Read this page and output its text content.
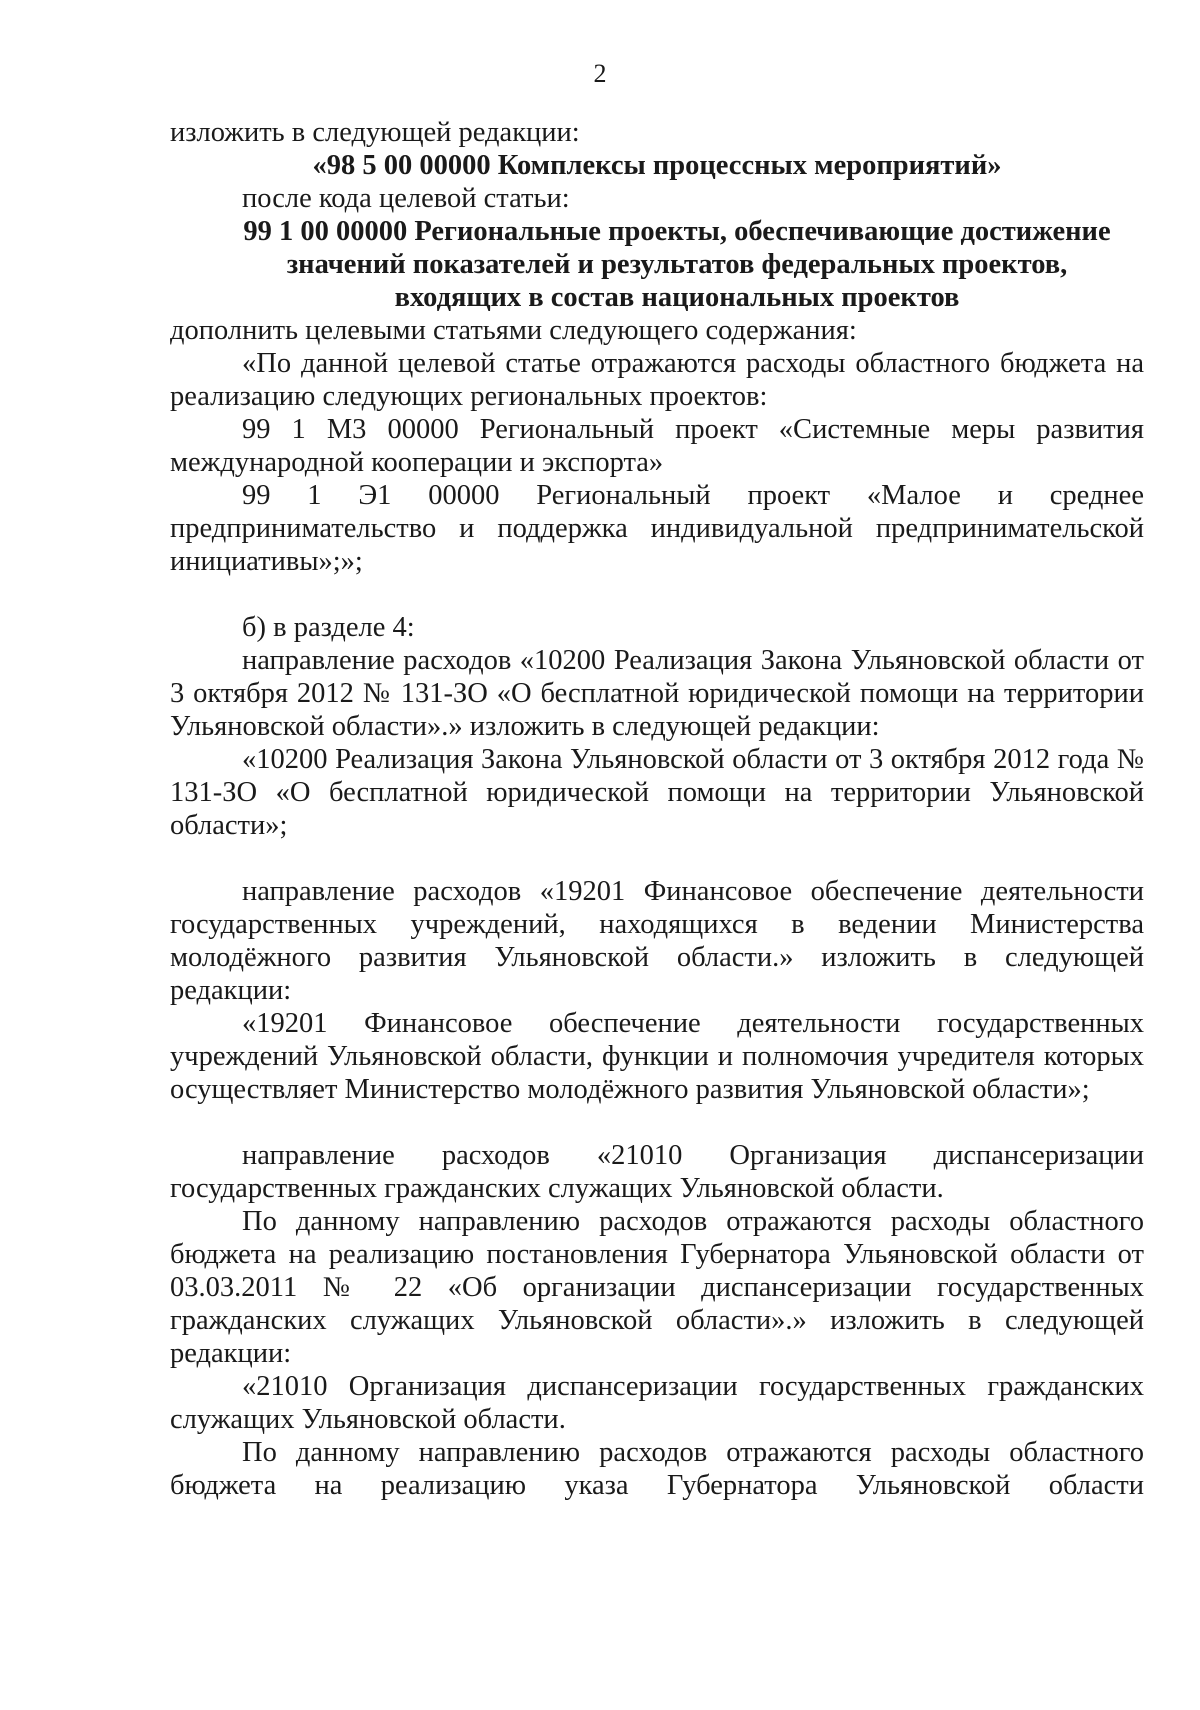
2

изложить в следующей редакции:

«98 5 00 00000 Комплексы процессных мероприятий»

после кода целевой статьи:

99 1 00 00000 Региональные проекты, обеспечивающие достижение значений показателей и результатов федеральных проектов, входящих в состав национальных проектов

дополнить целевыми статьями следующего содержания:

«По данной целевой статье отражаются расходы областного бюджета на реализацию следующих региональных проектов:

99 1 М3 00000 Региональный проект «Системные меры развития международной кооперации и экспорта»

99 1 Э1 00000 Региональный проект «Малое и среднее предпринимательство и поддержка индивидуальной предпринимательской инициативы»;»;

б) в разделе 4:

направление расходов «10200 Реализация Закона Ульяновской области от 3 октября 2012 № 131-ЗО «О бесплатной юридической помощи на территории Ульяновской области».» изложить в следующей редакции:

«10200 Реализация Закона Ульяновской области от 3 октября 2012 года № 131-ЗО «О бесплатной юридической помощи на территории Ульяновской области»;

направление расходов «19201 Финансовое обеспечение деятельности государственных учреждений, находящихся в ведении Министерства молодёжного развития Ульяновской области.» изложить в следующей редакции:

«19201 Финансовое обеспечение деятельности государственных учреждений Ульяновской области, функции и полномочия учредителя которых осуществляет Министерство молодёжного развития Ульяновской области»;

направление расходов «21010 Организация диспансеризации государственных гражданских служащих Ульяновской области.

По данному направлению расходов отражаются расходы областного бюджета на реализацию постановления Губернатора Ульяновской области от 03.03.2011 № 22 «Об организации диспансеризации государственных гражданских служащих Ульяновской области».» изложить в следующей редакции:

«21010 Организация диспансеризации государственных гражданских служащих Ульяновской области.

По данному направлению расходов отражаются расходы областного бюджета на реализацию указа Губернатора Ульяновской области
